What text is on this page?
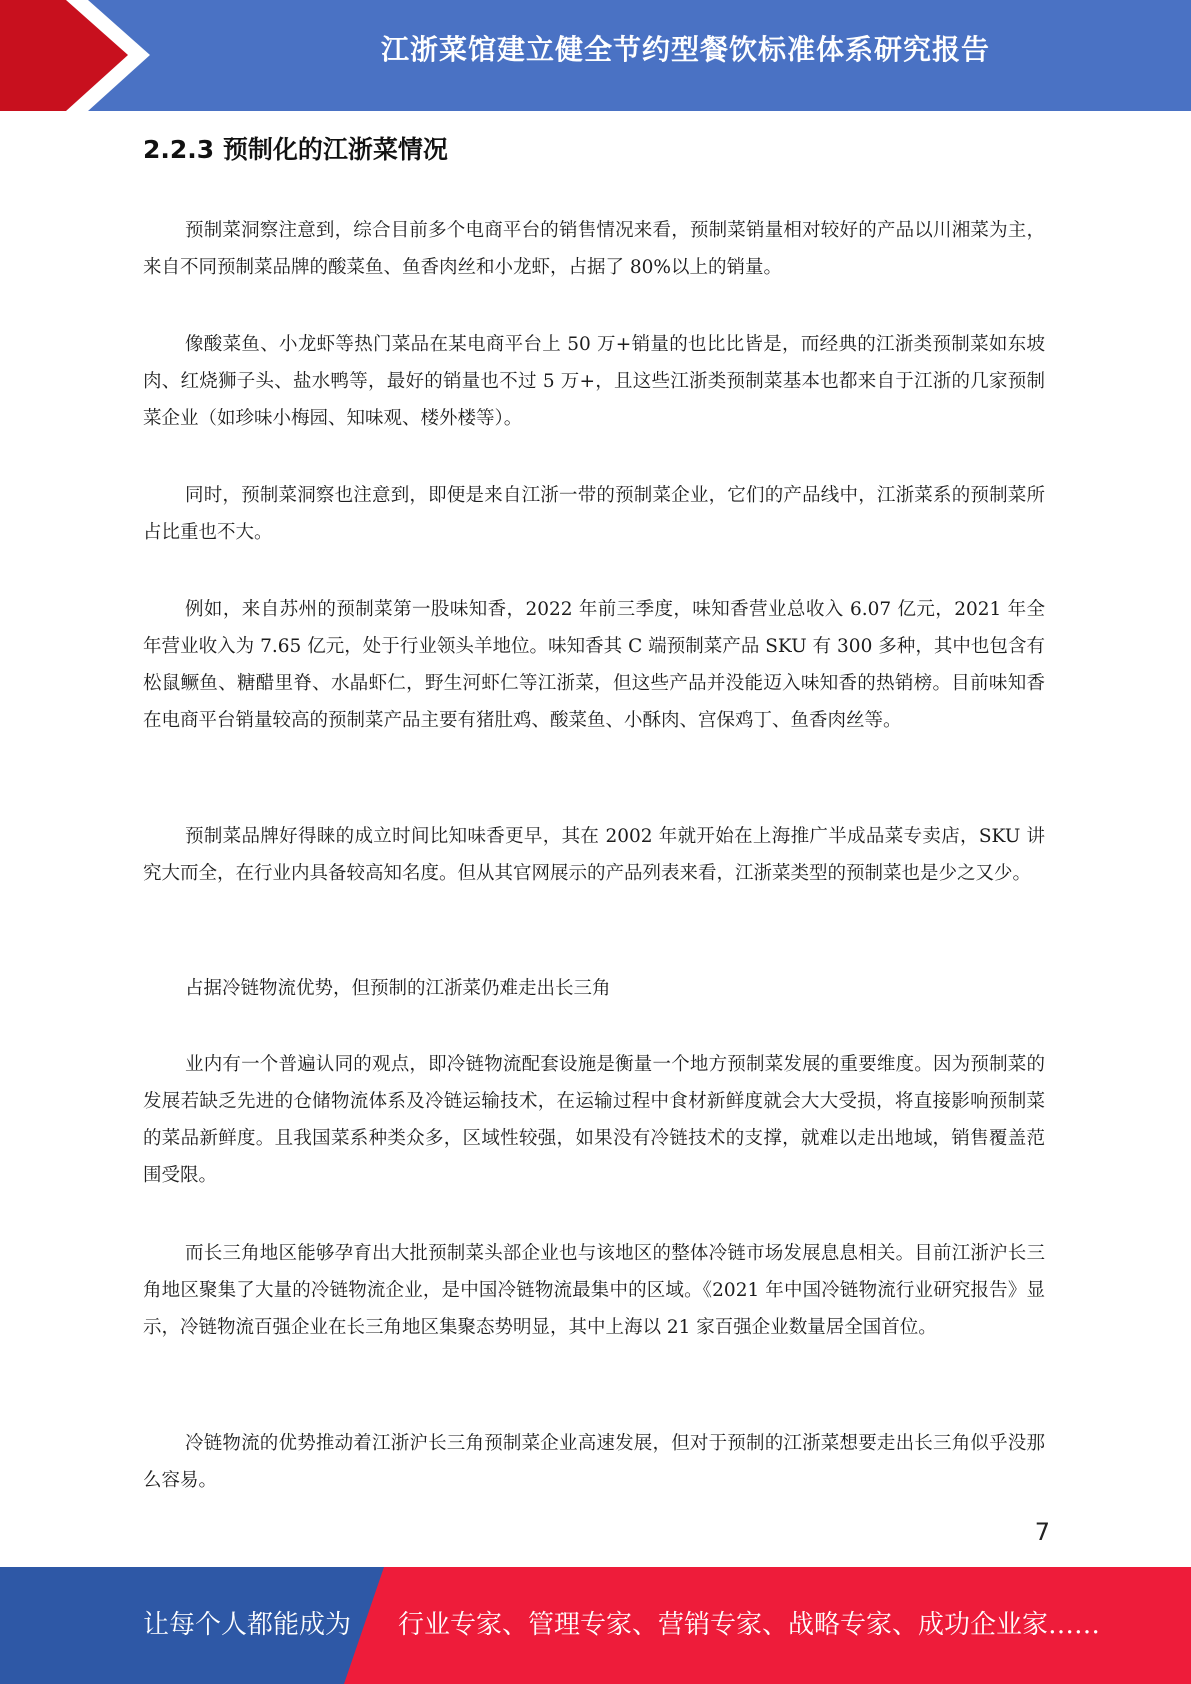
江浙菜馆建立健全节约型餐饮标准体系研究报告
2.2.3 预制化的江浙菜情况

预制菜洞察注意到，综合目前多个电商平台的销售情况来看，预制菜销量相对较好的产品以川湘菜为主，来自不同预制菜品牌的酸菜鱼、鱼香肉丝和小龙虾，占据了 80%以上的销量。

像酸菜鱼、小龙虾等热门菜品在某电商平台上 50 万+销量的也比比皆是，而经典的江浙类预制菜如东坡肉、红烧狮子头、盐水鸭等，最好的销量也不过 5 万+，且这些江浙类预制菜基本也都来自于江浙的几家预制菜企业（如珍味小梅园、知味观、楼外楼等）。

同时，预制菜洞察也注意到，即便是来自江浙一带的预制菜企业，它们的产品线中，江浙菜系的预制菜所占比重也不大。

例如，来自苏州的预制菜第一股味知香，2022 年前三季度，味知香营业总收入 6.07 亿元，2021 年全年营业收入为 7.65 亿元，处于行业领头羊地位。味知香其 C 端预制菜产品 SKU 有 300 多种，其中也包含有松鼠鳜鱼、糖醋里脊、水晶虾仁，野生河虾仁等江浙菜，但这些产品并没能迈入味知香的热销榜。目前味知香在电商平台销量较高的预制菜产品主要有猪肚鸡、酸菜鱼、小酥肉、宫保鸡丁、鱼香肉丝等。

预制菜品牌好得睐的成立时间比知味香更早，其在 2002 年就开始在上海推广半成品菜专卖店，SKU 讲究大而全，在行业内具备较高知名度。但从其官网展示的产品列表来看，江浙菜类型的预制菜也是少之又少。

占据冷链物流优势，但预制的江浙菜仍难走出长三角

业内有一个普遍认同的观点，即冷链物流配套设施是衡量一个地方预制菜发展的重要维度。因为预制菜的发展若缺乏先进的仓储物流体系及冷链运输技术，在运输过程中食材新鲜度就会大大受损，将直接影响预制菜的菜品新鲜度。且我国菜系种类众多，区域性较强，如果没有冷链技术的支撑，就难以走出地域，销售覆盖范围受限。

而长三角地区能够孕育出大批预制菜头部企业也与该地区的整体冷链市场发展息息相关。目前江浙沪长三角地区聚集了大量的冷链物流企业，是中国冷链物流最集中的区域。《2021 年中国冷链物流行业研究报告》显示，冷链物流百强企业在长三角地区集聚态势明显，其中上海以 21 家百强企业数量居全国首位。

冷链物流的优势推动着江浙沪长三角预制菜企业高速发展，但对于预制的江浙菜想要走出长三角似乎没那么容易。

7
让每个人都能成为 行业专家、管理专家、营销专家、战略专家、成功企业家……
